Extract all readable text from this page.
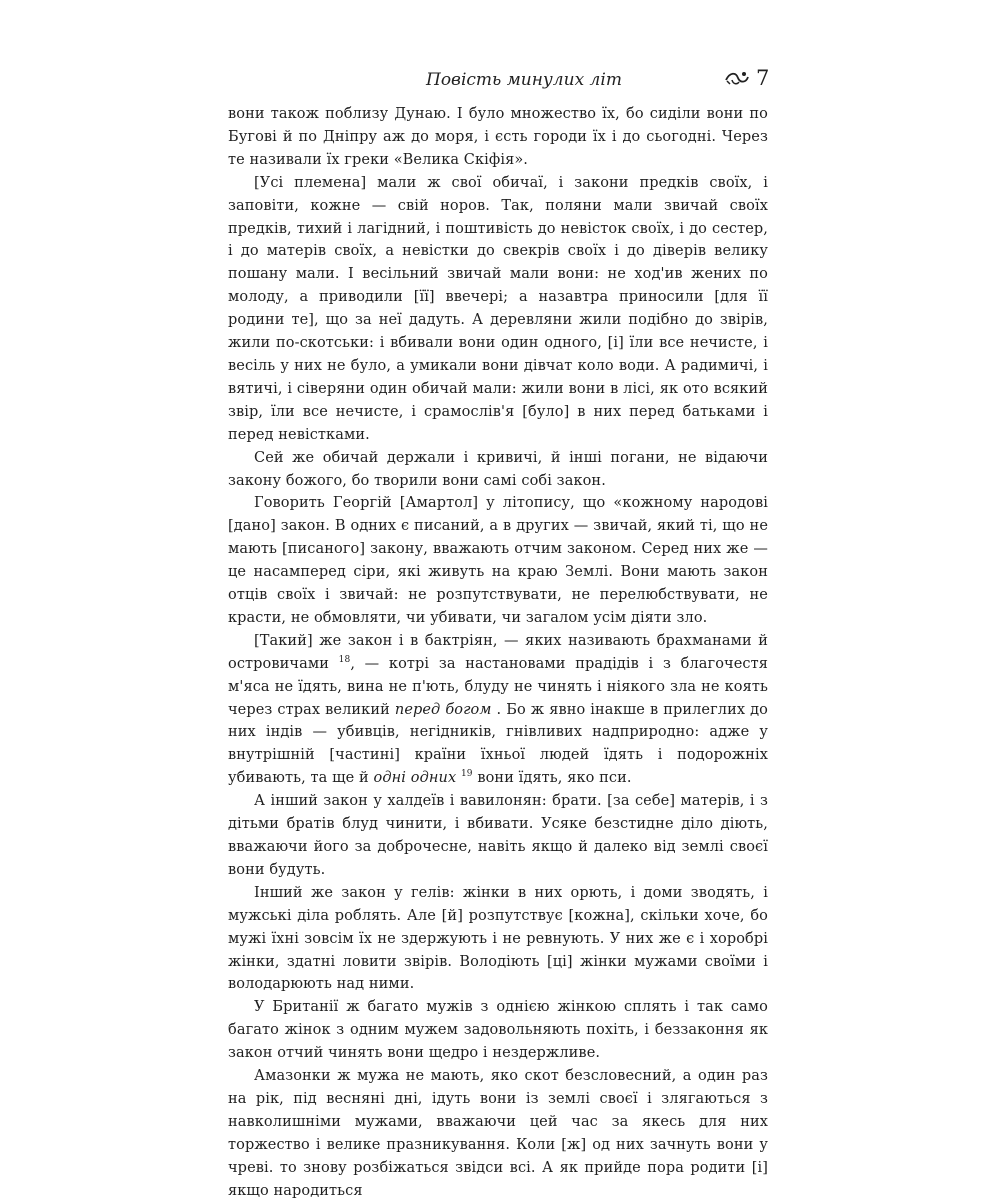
Повість минулих літ	7

вони також поблизу Дунаю. І було множество їх, бо сиділи вони по Бугові й по Дніпру аж до моря, і єсть городи їх і до сьогодні. Через те називали їх греки «Велика Скіфія».

[Усі племена] мали ж свої обичаї, і закони предків своїх, і заповіти, кожне — свій норов. Так, поляни мали звичай своїх предків, тихий і лагідний, і поштивість до невісток своїх, і до сестер, і до матерів своїх, а невістки до свекрів своїх і до діверів велику пошану мали. І весільний звичай мали вони: не ход'ив жених по молоду, а приводили [її] ввечері; а назавтра приносили [для її родини те], що за неї дадуть. А деревляни жили подібно до звірів, жили по-скотськи: і вбивали вони один одного, [і] їли все нечисте, і весіль у них не було, а умикали вони дівчат коло води. А радимичі, і вятичі, і сіверяни один обичай мали: жили вони в лісі, як ото всякий звір, їли все нечисте, і срамослів'я [було] в них перед батьками і перед невістками.

Сей же обичай держали і кривичі, й інші погани, не відаючи закону божого, бо творили вони самі собі закон.

Говорить Георгій [Амартол] у літопису, що «кожному народові [дано] закон. В одних є писаний, а в других — звичай, який ті, що не мають [писаного] закону, вважають отчим законом. Серед них же — це насамперед сіри, які живуть на краю Землі. Вони мають закон отців своїх і звичай: не розпутствувати, не перелюбствувати, не красти, не обмовляти, чи убивати, чи загалом усім діяти зло.

[Такий] же закон і в бактріян, — яких називають брахманами й островичами $^{18}$, — котрі за настановами прадідів і з благочестя м'яса не їдять, вина не п'ють, блуду не чинять і ніякого зла не коять через страх великий перед богом . Бо ж явно інакше в прилеглих до них індів — убивців, негідників, гнівливих надприродно: адже у внутрішній [частині] країни їхньої людей їдять і подорожніх убивають, та ще й одні одних $^{19}$ вони їдять, яко пси.

А інший закон у халдеїв і вавилонян: брати. [за себе] матерів, і з дітьми братів блуд чинити, і вбивати. Усяке безстидне діло діють, вважаючи його за доброчесне, навіть якщо й далеко від землі своєї вони будуть.

Інший же закон у гелів: жінки в них орють, і доми зводять, і мужські діла роблять. Але [й] розпутствує [кожна], скільки хоче, бо мужі їхні зовсім їх не здержують і не ревнують. У них же є і хоробрі жінки, здатні ловити звірів. Володіють [ці] жінки мужами своїми і володарюють над ними.

У Британії ж багато мужів з однією жінкою сплять і так само багато жінок з одним мужем задовольняють похіть, і беззаконня як закон отчий чинять вони щедро і нездержливе.

Амазонки ж мужа не мають, яко скот безсловесний, а один раз на рік, під весняні дні, ідуть вони із землі своєї і злягаються з навколишніми мужами, вважаючи цей час за якесь для них торжество і велике празникування. Коли [ж] од них зачнуть вони у чреві. то знову розбіжаться звідси всі. А як прийде пора родити [і] якщо народиться
